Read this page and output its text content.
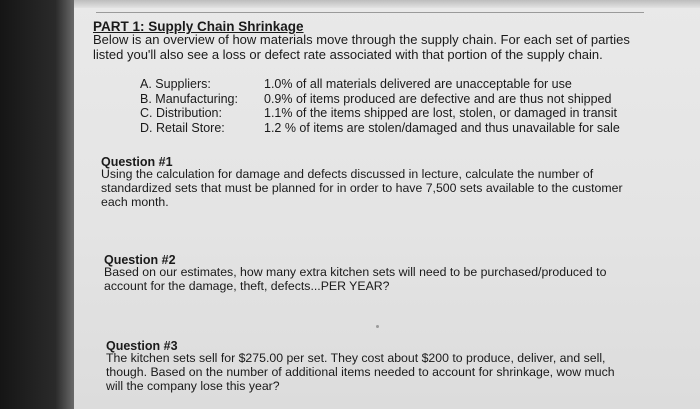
PART 1: Supply Chain Shrinkage
Below is an overview of how materials move through the supply chain. For each set of parties
listed you'll also see a loss or defect rate associated with that portion of the supply chain.
A. Suppliers:	1.0% of all materials delivered are unacceptable for use
B. Manufacturing:	0.9% of items produced are defective and are thus not shipped
C. Distribution:	1.1% of the items shipped are lost, stolen, or damaged in transit
D. Retail Store:	1.2 % of items are stolen/damaged and thus unavailable for sale
Question #1
Using the calculation for damage and defects discussed in lecture, calculate the number of
standardized sets that must be planned for in order to have 7,500 sets available to the customer
each month.
Question #2
Based on our estimates, how many extra kitchen sets will need to be purchased/produced to
account for the damage, theft, defects...PER YEAR?
Question #3
The kitchen sets sell for $275.00 per set. They cost about $200 to produce, deliver, and sell,
though. Based on the number of additional items needed to account for shrinkage, wow much
will the company lose this year?
